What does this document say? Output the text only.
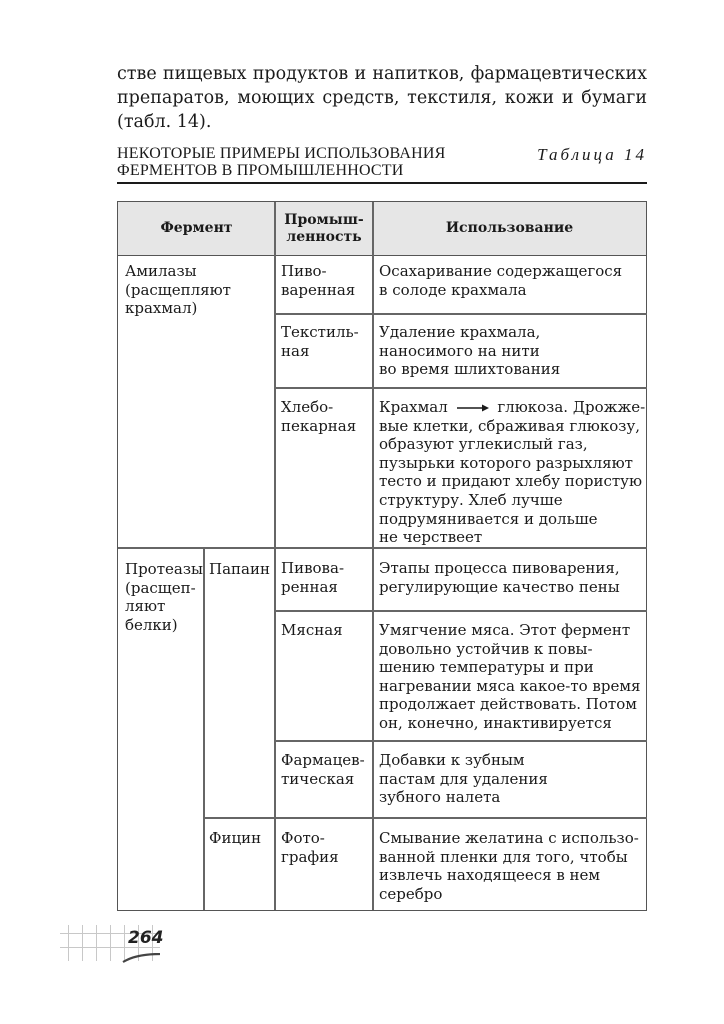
стве пищевых продуктов и напитков, фармацевтических
препаратов, моющих средств, текстиля, кожи и бумаги
(табл. 14).
НЕКОТОРЫЕ ПРИМЕРЫ ИСПОЛЬЗОВАНИЯ
ФЕРМЕНТОВ В ПРОМЫШЛЕННОСТИ
Таблица 14
Фермент
Промыш-
ленность
Использование
Амилазы
(расщепляют
крахмал)
Протеазы
(расщеп-
ляют
белки)
Папаин
Фицин
Пиво-
варенная
Осахаривание содержащегося
в солоде крахмала
Текстиль-
ная
Удаление крахмала,
наносимого на нити
во время шлихтования
Хлебо-
пекарная
Крахмал	глюкоза. Дрожже-
вые клетки, сбраживая глюкозу,
образуют углекислый газ,
пузырьки которого разрыхляют
тесто и придают хлебу пористую
структуру. Хлеб лучше
подрумянивается и дольше
не черствеет
Пивова-
ренная
Этапы процесса пивоварения,
регулирующие качество пены
Мясная	Умягчение мяса. Этот фермент
довольно устойчив к повы-
шению температуры и при
нагревании мяса какое-то время
продолжает действовать. Потом
он, конечно, инактивируется
Фармацев-
тическая
Добавки к зубным
пастам для удаления
зубного налета
Фото-
графия
Смывание желатина с использо-
ванной пленки для того, чтобы
извлечь находящееся в нем
серебро
264
